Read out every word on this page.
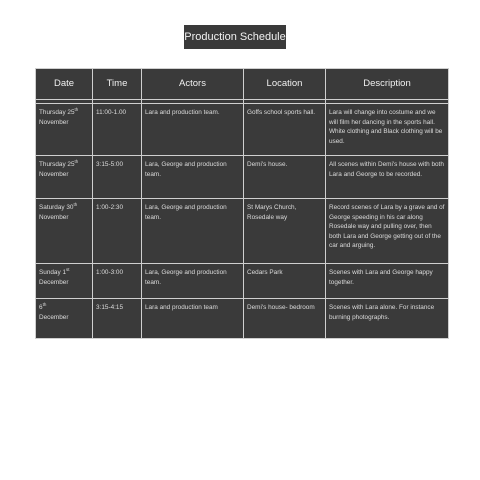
Production Schedule
Date	Time	Actors	Location	Description

Thursday 25th
November	11:00-1.00	Lara and production team.	Goffs school sports hall.	Lara will change into costume and we will film her dancing in the sports hall. White clothing and Black clothing will be used.
Thursday 25th
November	3:15-5:00	Lara, George and production team.	Demi's house.	All scenes within Demi's house with both Lara and George to be recorded.
Saturday 30th
November	1:00-2:30	Lara, George and production team.	St Marys Church, Rosedale way	Record scenes of Lara by a grave and of George speeding in his car along Rosedale way and pulling over, then both Lara and George getting out of the car and arguing.
Sunday 1st
December	1:00-3:00	Lara, George and production team.	Cedars Park	Scenes with Lara and George happy together.
6th
December	3:15-4:15	Lara and production team	Demi's house- bedroom	Scenes with Lara alone. For instance burning photographs.
